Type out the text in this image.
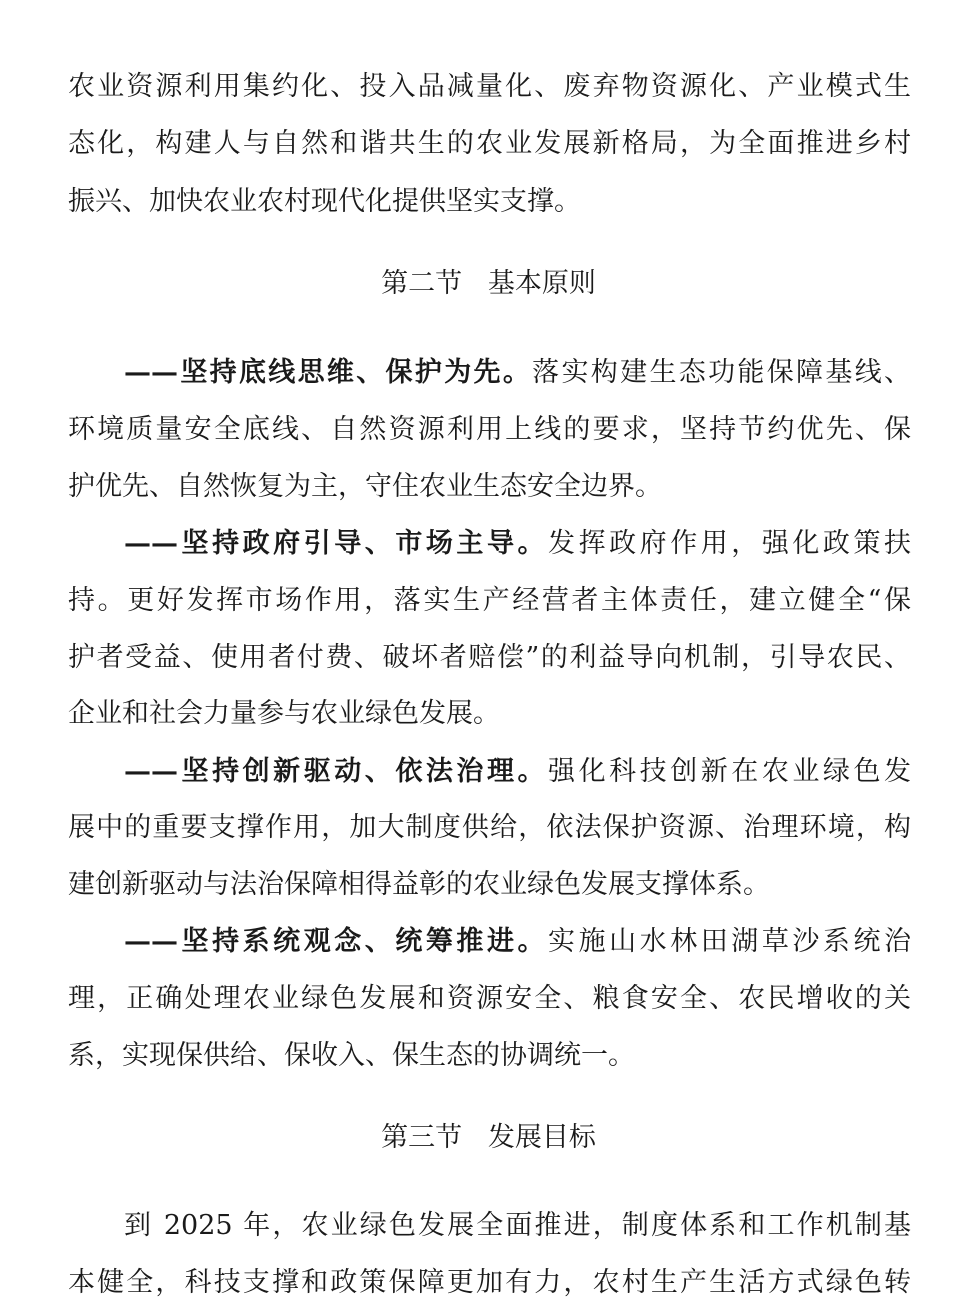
农业资源利用集约化、投入品减量化、废弃物资源化、产业模式生
态化，构建人与自然和谐共生的农业发展新格局，为全面推进乡村
振兴、加快农业农村现代化提供坚实支撑。
第二节   基本原则
——坚持底线思维、保护为先。落实构建生态功能保障基线、
环境质量安全底线、自然资源利用上线的要求，坚持节约优先、保
护优先、自然恢复为主，守住农业生态安全边界。
——坚持政府引导、市场主导。发挥政府作用，强化政策扶
持。更好发挥市场作用，落实生产经营者主体责任，建立健全“保
护者受益、使用者付费、破坏者赔偿”的利益导向机制，引导农民、
企业和社会力量参与农业绿色发展。
——坚持创新驱动、依法治理。强化科技创新在农业绿色发
展中的重要支撑作用，加大制度供给，依法保护资源、治理环境，构
建创新驱动与法治保障相得益彰的农业绿色发展支撑体系。
——坚持系统观念、统筹推进。实施山水林田湖草沙系统治
理，正确处理农业绿色发展和资源安全、粮食安全、农民增收的关
系，实现保供给、保收入、保生态的协调统一。
第三节   发展目标
到 2025 年，农业绿色发展全面推进，制度体系和工作机制基
本健全，科技支撑和政策保障更加有力，农村生产生活方式绿色转
